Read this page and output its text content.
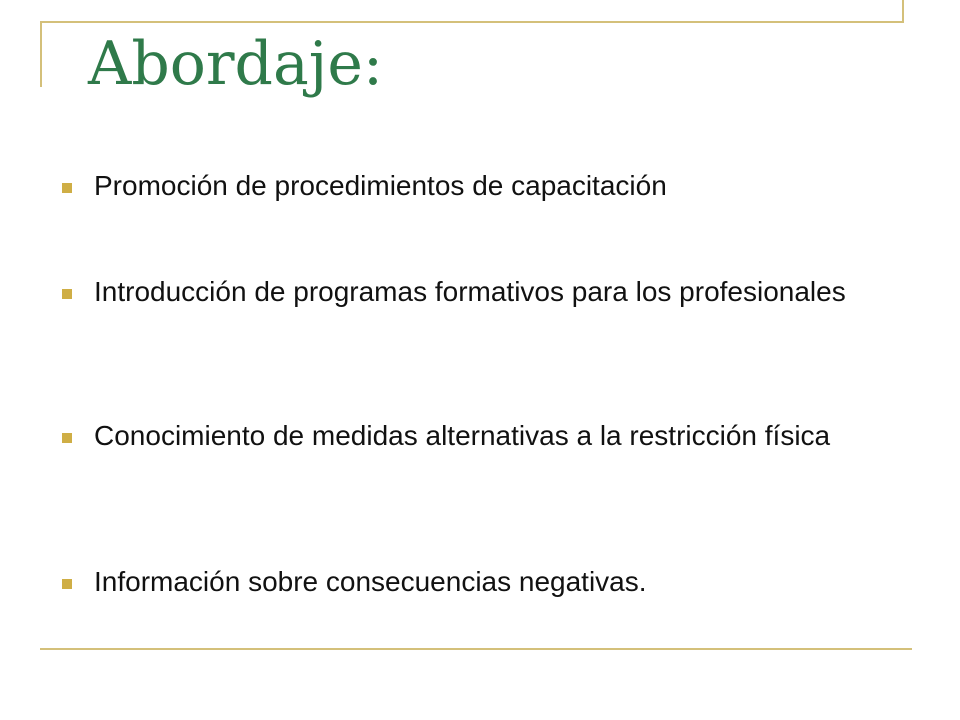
Abordaje:
Promoción de procedimientos de capacitación
Introducción de programas formativos para los profesionales
Conocimiento de medidas alternativas a la restricción física
Información sobre consecuencias negativas.
